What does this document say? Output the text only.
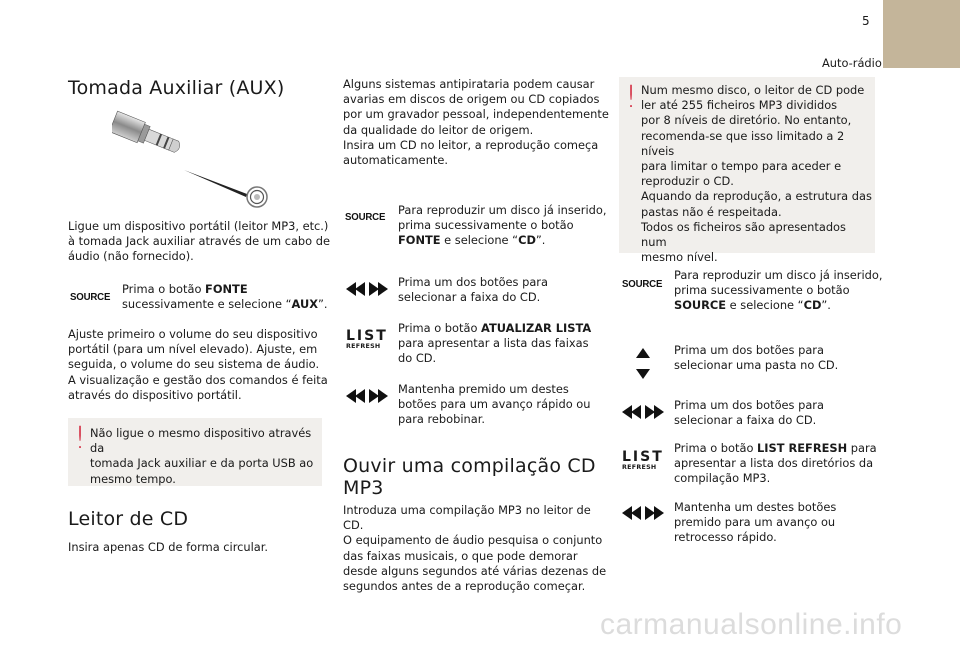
5
Auto-rádio
Tomada Auxiliar (AUX)
Ligue um dispositivo portátil (leitor MP3, etc.)
à tomada Jack auxiliar através de um cabo de
áudio (não fornecido).
SOURCE
Prima o botão FONTE
sucessivamente e selecione “AUX”.
Ajuste primeiro o volume do seu dispositivo
portátil (para um nível elevado). Ajuste, em
seguida, o volume do seu sistema de áudio.
A visualização e gestão dos comandos é feita
através do dispositivo portátil.
! Não ligue o mesmo dispositivo através da
tomada Jack auxiliar e da porta USB ao
mesmo tempo.
Leitor de CD
Insira apenas CD de forma circular.
Alguns sistemas antipirataria podem causar
avarias em discos de origem ou CD copiados
por um gravador pessoal, independentemente
da qualidade do leitor de origem.
Insira um CD no leitor, a reprodução começa
automaticamente.
SOURCE Para reproduzir um disco já inserido,
prima sucessivamente o botão
FONTE e selecione “CD”.
Prima um dos botões para
selecionar a faixa do CD.
LIST
REFRESH
Prima o botão ATUALIZAR LISTA
para apresentar a lista das faixas
do CD.
Mantenha premido um destes
botões para um avanço rápido ou
para rebobinar.
Ouvir uma compilação CD
MP3
Introduza uma compilação MP3 no leitor de
CD.
O equipamento de áudio pesquisa o conjunto
das faixas musicais, o que pode demorar
desde alguns segundos até várias dezenas de
segundos antes de a reprodução começar.
! Num mesmo disco, o leitor de CD pode
ler até 255 ficheiros MP3 divididos
por 8 níveis de diretório. No entanto,
recomenda-se que isso limitado a 2 níveis
para limitar o tempo para aceder e
reproduzir o CD.
Aquando da reprodução, a estrutura das
pastas não é respeitada.
Todos os ficheiros são apresentados num
mesmo nível.
SOURCE
Para reproduzir um disco já inserido,
prima sucessivamente o botão
SOURCE e selecione “CD”.
Prima um dos botões para
selecionar uma pasta no CD.
Prima um dos botões para
selecionar a faixa do CD.
LIST
REFRESH
Prima o botão LIST REFRESH para
apresentar a lista dos diretórios da
compilação MP3.
Mantenha um destes botões
premido para um avanço ou
retrocesso rápido.
carmanualsonline.info
